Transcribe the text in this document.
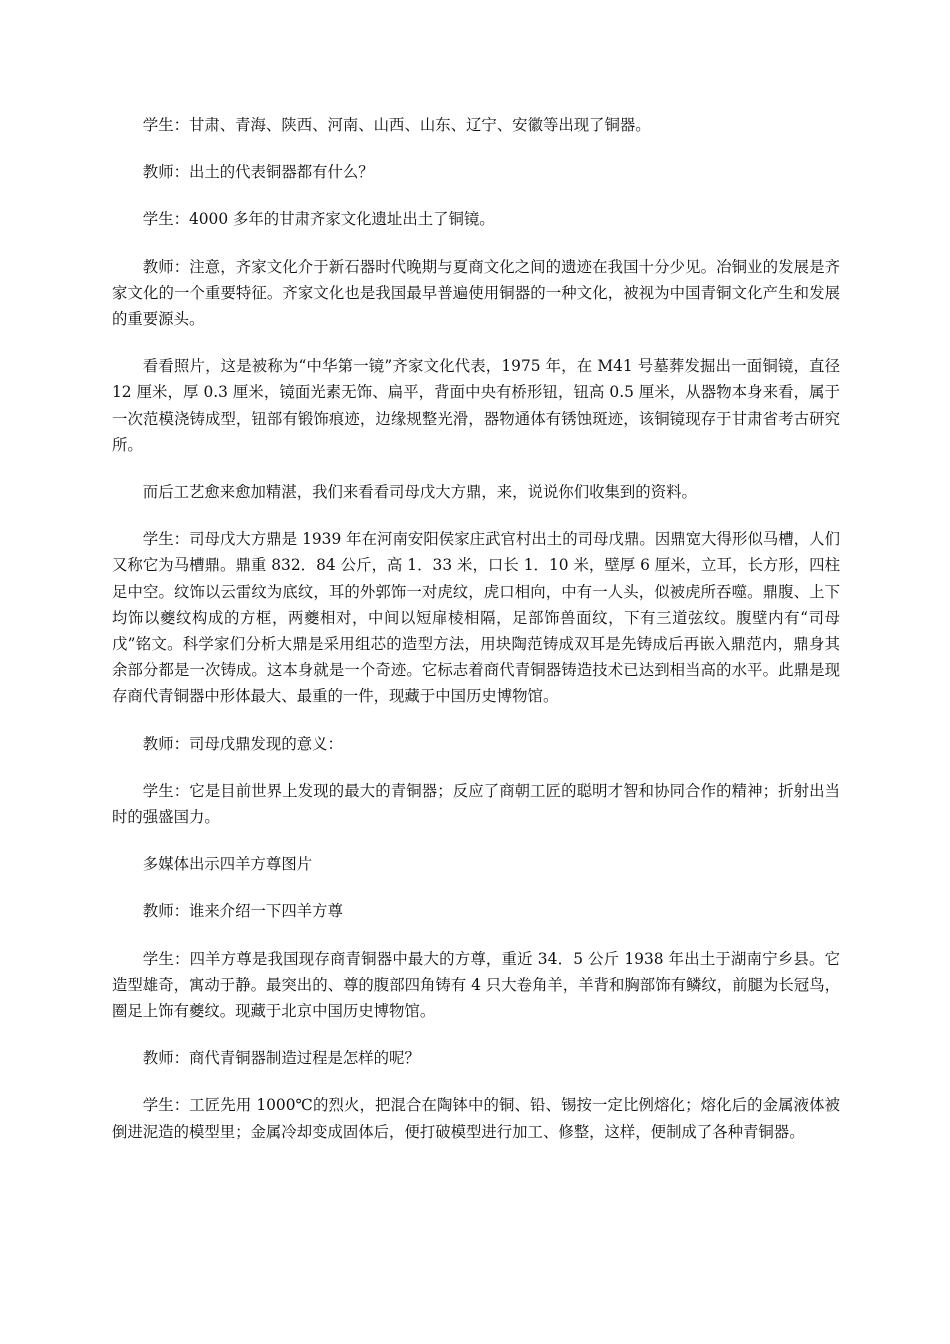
学生：甘肃、青海、陕西、河南、山西、山东、辽宁、安徽等出现了铜器。

教师：出土的代表铜器都有什么？

学生：4000 多年的甘肃齐家文化遗址出土了铜镜。

教师：注意，齐家文化介于新石器时代晚期与夏商文化之间的遗迹在我国十分少见。冶铜业的发展是齐家文化的一个重要特征。齐家文化也是我国最早普遍使用铜器的一种文化，被视为中国青铜文化产生和发展的重要源头。

看看照片，这是被称为“中华第一镜”齐家文化代表，1975 年，在 M41 号墓葬发掘出一面铜镜，直径 12 厘米，厚 0.3 厘米，镜面光素无饰、扁平，背面中央有桥形钮，钮高 0.5 厘米，从器物本身来看，属于一次范模浇铸成型，钮部有锻饰痕迹，边缘规整光滑，器物通体有锈蚀斑迹，该铜镜现存于甘肃省考古研究所。

而后工艺愈来愈加精湛，我们来看看司母戊大方鼎，来，说说你们收集到的资料。

学生：司母戊大方鼎是 1939 年在河南安阳侯家庄武官村出土的司母戊鼎。因鼎宽大得形似马槽，人们又称它为马槽鼎。鼎重 832．84 公斤，高 1．33 米，口长 1．10 米，壁厚 6 厘米，立耳，长方形，四柱足中空。纹饰以云雷纹为底纹，耳的外郭饰一对虎纹，虎口相向，中有一人头，似被虎所吞噬。鼎腹、上下均饰以夔纹构成的方框，两夔相对，中间以短扉棱相隔，足部饰兽面纹，下有三道弦纹。腹壁内有“司母戊”铭文。科学家们分析大鼎是采用组芯的造型方法，用块陶范铸成双耳是先铸成后再嵌入鼎范内，鼎身其余部分都是一次铸成。这本身就是一个奇迹。它标志着商代青铜器铸造技术已达到相当高的水平。此鼎是现存商代青铜器中形体最大、最重的一件，现藏于中国历史博物馆。

教师：司母戊鼎发现的意义：

学生：它是目前世界上发现的最大的青铜器；反应了商朝工匠的聪明才智和协同合作的精神；折射出当时的强盛国力。

多媒体出示四羊方尊图片

教师：谁来介绍一下四羊方尊

学生：四羊方尊是我国现存商青铜器中最大的方尊，重近 34．5 公斤 1938 年出土于湖南宁乡县。它造型雄奇，寓动于静。最突出的、尊的腹部四角铸有 4 只大卷角羊，羊背和胸部饰有鳞纹，前腿为长冠鸟，圈足上饰有夔纹。现藏于北京中国历史博物馆。

教师：商代青铜器制造过程是怎样的呢？

学生：工匠先用 1000℃的烈火，把混合在陶钵中的铜、铅、锡按一定比例熔化；熔化后的金属液体被倒进泥造的模型里；金属冷却变成固体后，便打破模型进行加工、修整，这样，便制成了各种青铜器。
